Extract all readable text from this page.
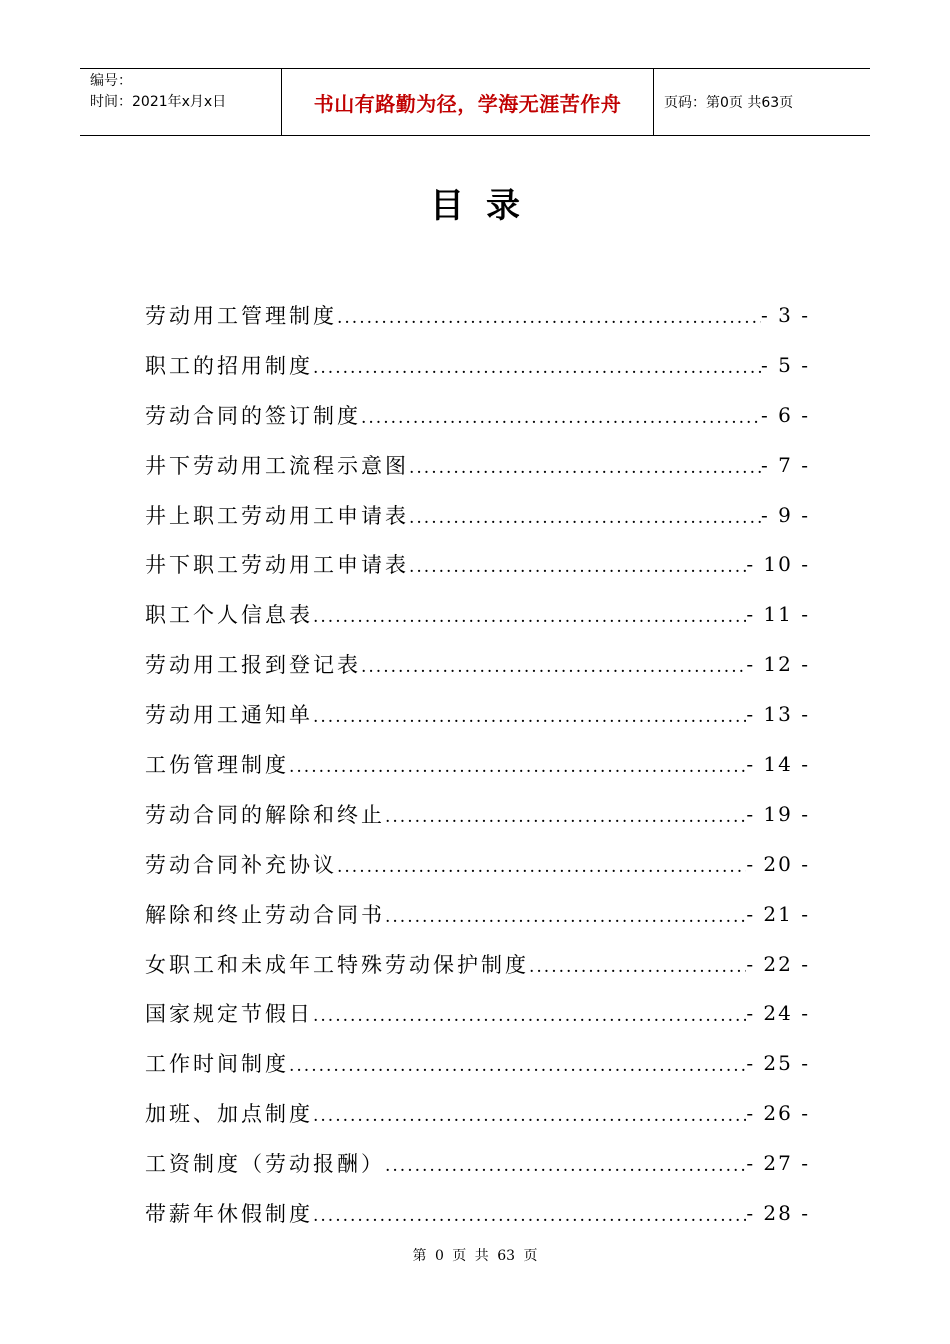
编号：
时间：2021年x月x日	书山有路勤为径，学海无涯苦作舟	页码：第0页 共63页
目录
劳动用工管理制度 .....	- 3 -
职工的招用制度 .....	- 5 -
劳动合同的签订制度 .....	- 6 -
井下劳动用工流程示意图 .....	- 7 -
井上职工劳动用工申请表 .....	- 9 -
井下职工劳动用工申请表 .....	- 10 -
职工个人信息表 .....	- 11 -
劳动用工报到登记表 .....	- 12 -
劳动用工通知单 .....	- 13 -
工伤管理制度 .....	- 14 -
劳动合同的解除和终止 .....	- 19 -
劳动合同补充协议 .....	- 20 -
解除和终止劳动合同书 .....	- 21 -
女职工和未成年工特殊劳动保护制度 .....	- 22 -
国家规定节假日 .....	- 24 -
工作时间制度 .....	- 25 -
加班、加点制度 .....	- 26 -
工资制度（劳动报酬） .....	- 27 -
带薪年休假制度 .....	- 28 -
第 0 页 共 63 页
